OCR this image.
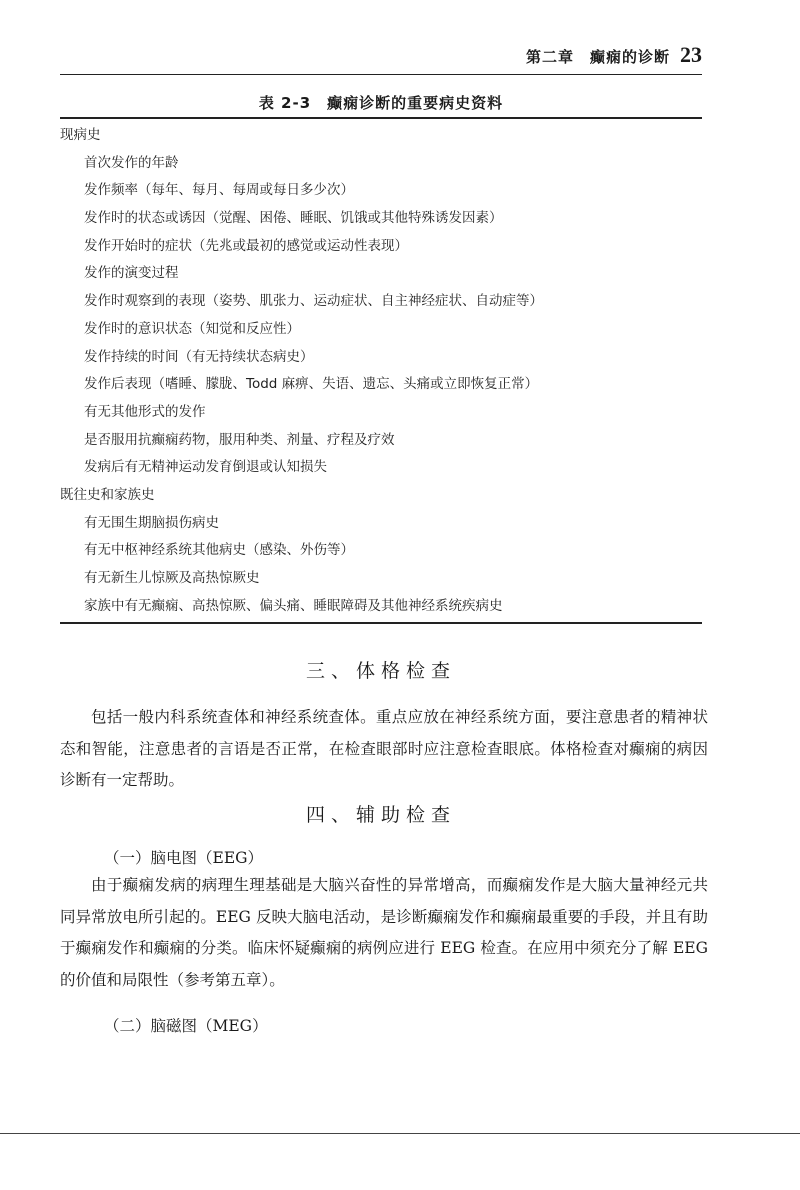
第二章　癫痫的诊断 23
表 2-3　癫痫诊断的重要病史资料
现病史
首次发作的年龄
发作频率（每年、每月、每周或每日多少次）
发作时的状态或诱因（觉醒、困倦、睡眠、饥饿或其他特殊诱发因素）
发作开始时的症状（先兆或最初的感觉或运动性表现）
发作的演变过程
发作时观察到的表现（姿势、肌张力、运动症状、自主神经症状、自动症等）
发作时的意识状态（知觉和反应性）
发作持续的时间（有无持续状态病史）
发作后表现（嗜睡、朦胧、Todd 麻痹、失语、遗忘、头痛或立即恢复正常）
有无其他形式的发作
是否服用抗癫痫药物，服用种类、剂量、疗程及疗效
发病后有无精神运动发育倒退或认知损失
既往史和家族史
有无围生期脑损伤病史
有无中枢神经系统其他病史（感染、外伤等）
有无新生儿惊厥及高热惊厥史
家族中有无癫痫、高热惊厥、偏头痛、睡眠障碍及其他神经系统疾病史
三、体格检查
包括一般内科系统查体和神经系统查体。重点应放在神经系统方面，要注意患者的精神状态和智能，注意患者的言语是否正常，在检查眼部时应注意检查眼底。体格检查对癫痫的病因诊断有一定帮助。
四、辅助检查
（一）脑电图（EEG）
由于癫痫发病的病理生理基础是大脑兴奋性的异常增高，而癫痫发作是大脑大量神经元共同异常放电所引起的。EEG 反映大脑电活动，是诊断癫痫发作和癫痫最重要的手段，并且有助于癫痫发作和癫痫的分类。临床怀疑癫痫的病例应进行 EEG 检查。在应用中须充分了解 EEG 的价值和局限性（参考第五章）。
（二）脑磁图（MEG）
